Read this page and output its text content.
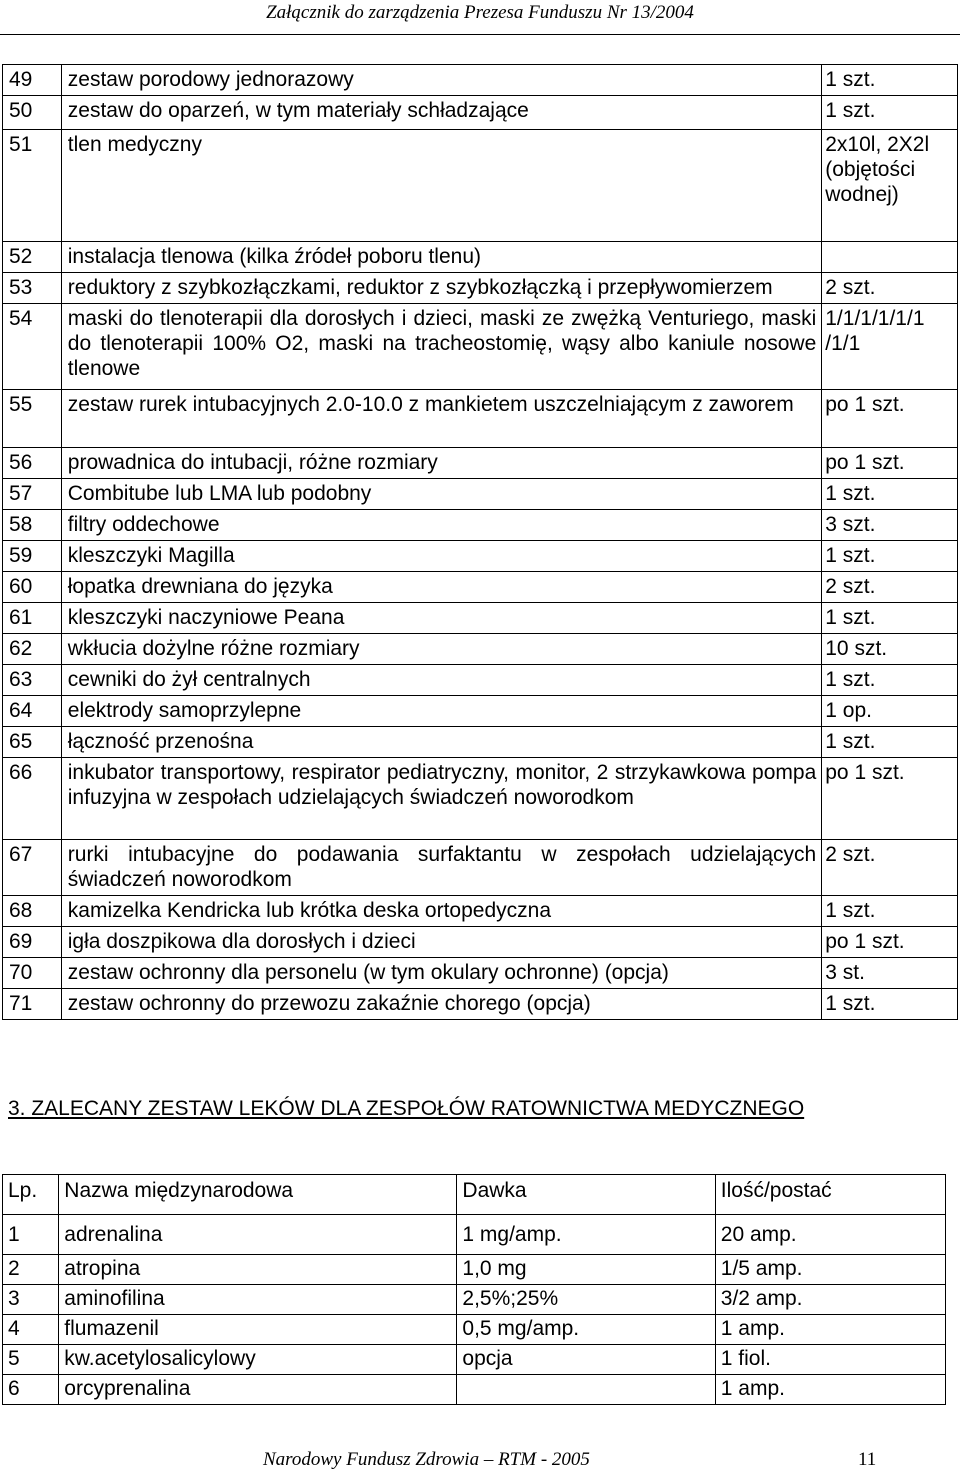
Załącznik do zarządzenia Prezesa Funduszu Nr 13/2004
49	zestaw porodowy jednorazowy	1 szt.
50	zestaw do oparzeń, w tym materiały schładzające	1 szt.
51	tlen medyczny	2x10l, 2X2l (objętości wodnej)
52	instalacja tlenowa (kilka źródeł poboru tlenu)	
53	reduktory z szybkozłączkami, reduktor z szybkozłączką i przepływomierzem	2 szt.
54	maski do tlenoterapii dla dorosłych i dzieci, maski ze zwężką Venturiego, maski do tlenoterapii 100% O2, maski na tracheostomię, wąsy albo kaniule nosowe tlenowe	1/1/1/1/1/1 /1/1
55	zestaw rurek intubacyjnych 2.0-10.0 z mankietem uszczelniającym z zaworem	po 1 szt.
56	prowadnica do intubacji, różne rozmiary	po 1 szt.
57	Combitube lub LMA lub podobny	1 szt.
58	filtry oddechowe	3 szt.
59	kleszczyki Magilla	1 szt.
60	łopatka drewniana do języka	2 szt.
61	kleszczyki naczyniowe Peana	1 szt.
62	wkłucia dożylne różne rozmiary	10 szt.
63	cewniki do żył centralnych	1 szt.
64	elektrody samoprzylepne	1 op.
65	łączność przenośna	1 szt.
66	inkubator transportowy, respirator pediatryczny, monitor, 2 strzykawkowa pompa infuzyjna w zespołach udzielających świadczeń noworodkom	po 1 szt.
67	rurki intubacyjne do podawania surfaktantu w zespołach udzielających świadczeń noworodkom	2 szt.
68	kamizelka Kendricka lub krótka deska ortopedyczna	1 szt.
69	igła doszpikowa dla dorosłych i dzieci	po 1 szt.
70	zestaw ochronny dla personelu (w tym okulary ochronne) (opcja)	3 st.
71	zestaw ochronny do przewozu zakaźnie chorego (opcja)	1 szt.
3. ZALECANY ZESTAW LEKÓW DLA ZESPOŁÓW RATOWNICTWA MEDYCZNEGO
Lp.	Nazwa międzynarodowa	Dawka	Ilość/postać
1	adrenalina	1 mg/amp.	20 amp.
2	atropina	1,0 mg	1/5 amp.
3	aminofilina	2,5%;25%	3/2 amp.
4	flumazenil	0,5 mg/amp.	1 amp.
5	kw.acetylosalicylowy	opcja	1 fiol.
6	orcyprenalina		1 amp.
Narodowy Fundusz Zdrowia – RTM - 2005	11
